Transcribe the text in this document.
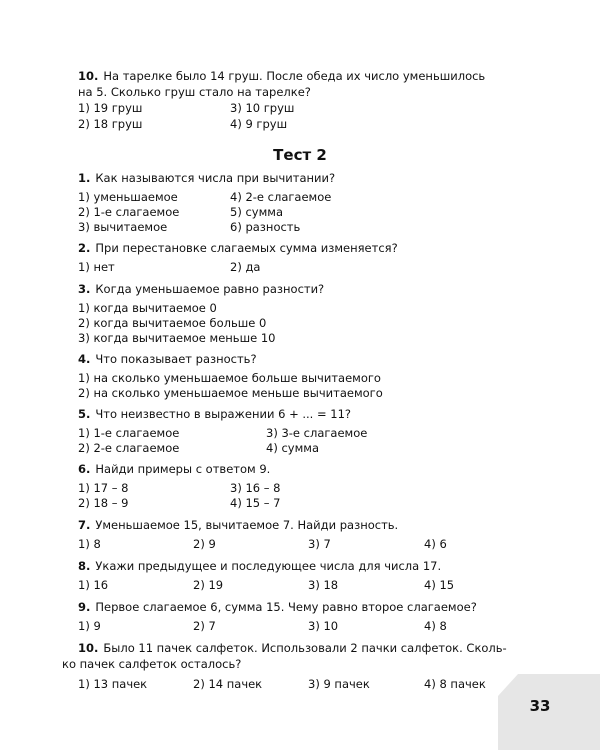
10. На тарелке было 14 груш. После обеда их число уменьшилось
на 5. Сколько груш стало на тарелке?
1) 19 груш
2) 18 груш
3) 10 груш
4) 9 груш
Тест 2
1. Как называются числа при вычитании?
1) уменьшаемое
2) 1-е слагаемое
3) вычитаемое
4) 2-е слагаемое
5) сумма
6) разность
2. При перестановке слагаемых сумма изменяется?
1) нет	2) да
3. Когда уменьшаемое равно разности?
1) когда вычитаемое 0
2) когда вычитаемое больше 0
3) когда вычитаемое меньше 10
4. Что показывает разность?
1) на сколько уменьшаемое больше вычитаемого
2) на сколько уменьшаемое меньше вычитаемого
5. Что неизвестно в выражении 6 + ... = 11?
1) 1-е слагаемое
2) 2-е слагаемое
3) 3-е слагаемое
4) сумма
6. Найди примеры с ответом 9.
1) 17 – 8
2) 18 – 9
3) 16 – 8
4) 15 – 7
7. Уменьшаемое 15, вычитаемое 7. Найди разность.
1) 8	2) 9	3) 7	4) 6
8. Укажи предыдущее и последующее числа для числа 17.
1) 16	2) 19	3) 18	4) 15
9. Первое слагаемое 6, сумма 15. Чему равно второе слагаемое?
1) 9	2) 7	3) 10	4) 8
10. Было 11 пачек салфеток. Использовали 2 пачки салфеток. Сколь-
ко пачек салфеток осталось?
1) 13 пачек	2) 14 пачек	3) 9 пачек	4) 8 пачек
33
